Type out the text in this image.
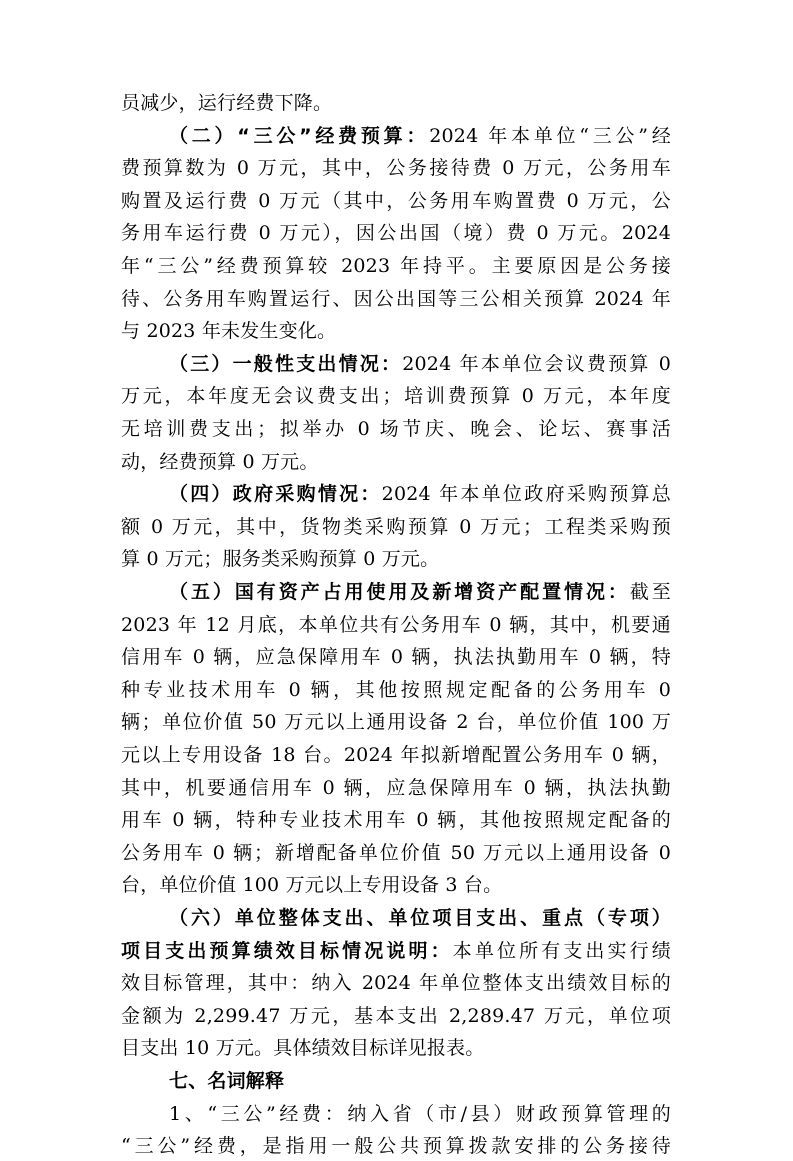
员减少，运行经费下降。
（二）“三公”经费预算：2024 年本单位“三公”经
费预算数为 0 万元，其中，公务接待费 0 万元，公务用车
购置及运行费 0 万元（其中，公务用车购置费 0 万元，公
务用车运行费 0 万元），因公出国（境）费 0 万元。2024
年“三公”经费预算较 2023 年持平。主要原因是公务接
待、公务用车购置运行、因公出国等三公相关预算 2024 年
与 2023 年未发生变化。
（三）一般性支出情况：2024 年本单位会议费预算 0
万元，本年度无会议费支出；培训费预算 0 万元，本年度
无培训费支出；拟举办 0 场节庆、晚会、论坛、赛事活
动，经费预算 0 万元。
（四）政府采购情况：2024 年本单位政府采购预算总
额 0 万元，其中，货物类采购预算 0 万元；工程类采购预
算 0 万元；服务类采购预算 0 万元。
（五）国有资产占用使用及新增资产配置情况：截至
2023 年 12 月底，本单位共有公务用车 0 辆，其中，机要通
信用车 0 辆，应急保障用车 0 辆，执法执勤用车 0 辆，特
种专业技术用车 0 辆，其他按照规定配备的公务用车 0
辆；单位价值 50 万元以上通用设备 2 台，单位价值 100 万
元以上专用设备 18 台。2024 年拟新增配置公务用车 0 辆，
其中，机要通信用车 0 辆，应急保障用车 0 辆，执法执勤
用车 0 辆，特种专业技术用车 0 辆，其他按照规定配备的
公务用车 0 辆；新增配备单位价值 50 万元以上通用设备 0
台，单位价值 100 万元以上专用设备 3 台。
（六）单位整体支出、单位项目支出、重点（专项）
项目支出预算绩效目标情况说明：本单位所有支出实行绩
效目标管理，其中：纳入 2024 年单位整体支出绩效目标的
金额为 2,299.47 万元，基本支出 2,289.47 万元，单位项
目支出 10 万元。具体绩效目标详见报表。
七、名词解释
1、“三公”经费：纳入省（市/县）财政预算管理的
“三公”经费，是指用一般公共预算拨款安排的公务接待
